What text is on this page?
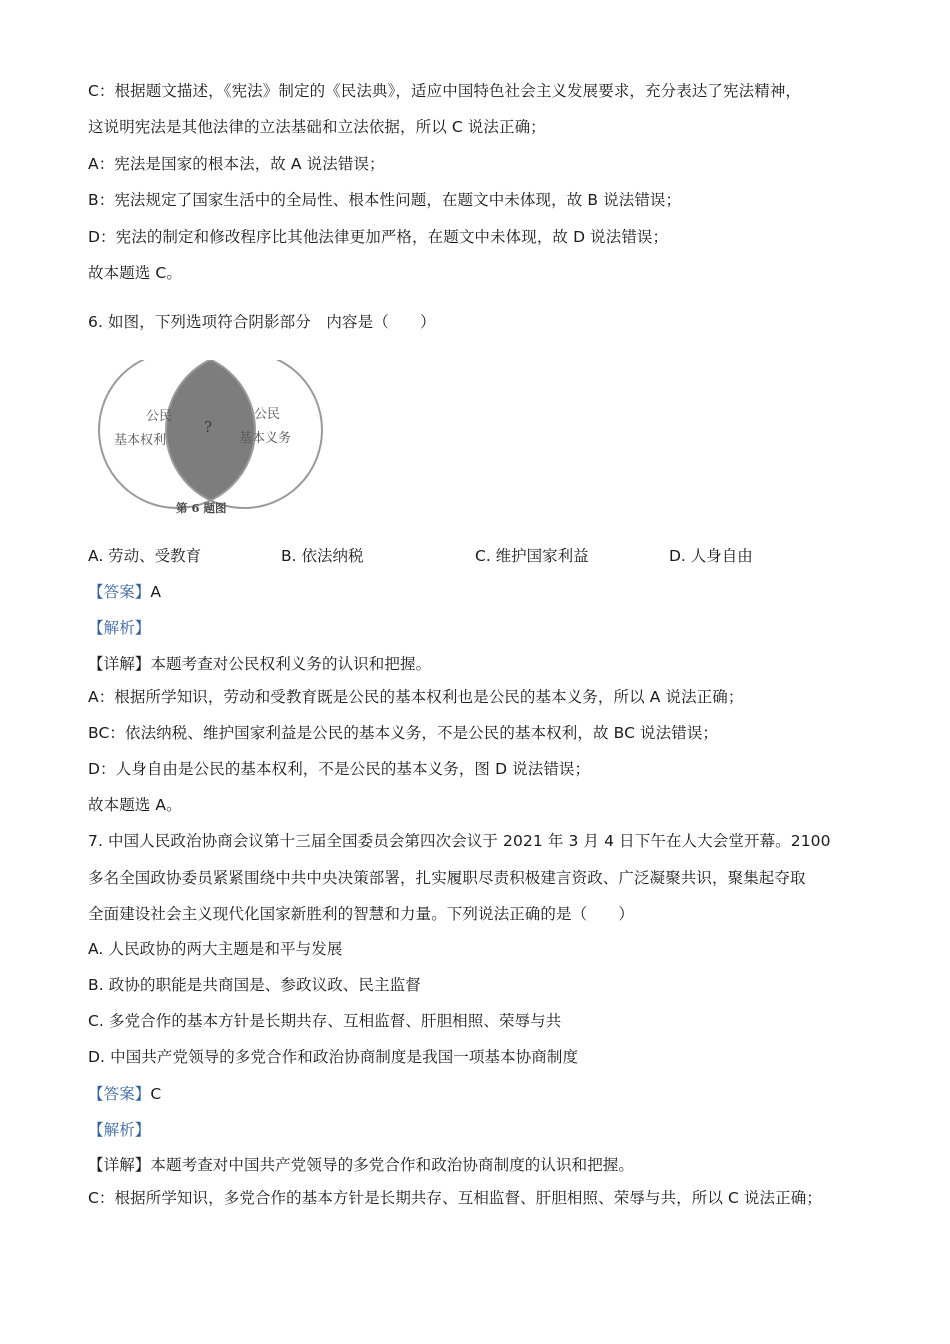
C：根据题文描述，《宪法》制定的《民法典》，适应中国特色社会主义发展要求，充分表达了宪法精神，
这说明宪法是其他法律的立法基础和立法依据，所以 C 说法正确；
A：宪法是国家的根本法，故 A 说法错误；
B：宪法规定了国家生活中的全局性、根本性问题，在题文中未体现，故 B 说法错误；
D：宪法的制定和修改程序比其他法律更加严格，在题文中未体现，故 D 说法错误；
故本题选 C。
6. 如图，下列选项符合阴影部分　内容是（　　）
公民
基本权利
公民
基本义务
?
第 6 题图
A. 劳动、受教育	B. 依法纳税	C. 维护国家利益	D. 人身自由
【答案】A
【解析】
【详解】本题考查对公民权利义务的认识和把握。
A：根据所学知识，劳动和受教育既是公民的基本权利也是公民的基本义务，所以 A 说法正确；
BC：依法纳税、维护国家利益是公民的基本义务，不是公民的基本权利，故 BC 说法错误；
D：人身自由是公民的基本权利，不是公民的基本义务，图 D 说法错误；
故本题选 A。
7. 中国人民政治协商会议第十三届全国委员会第四次会议于 2021 年 3 月 4 日下午在人大会堂开幕。2100
多名全国政协委员紧紧围绕中共中央决策部署，扎实履职尽责积极建言资政、广泛凝聚共识，聚集起夺取
全面建设社会主义现代化国家新胜利的智慧和力量。下列说法正确的是（　　）
A. 人民政协的两大主题是和平与发展
B. 政协的职能是共商国是、参政议政、民主监督
C. 多党合作的基本方针是长期共存、互相监督、肝胆相照、荣辱与共
D. 中国共产党领导的多党合作和政治协商制度是我国一项基本协商制度
【答案】C
【解析】
【详解】本题考查对中国共产党领导的多党合作和政治协商制度的认识和把握。
C：根据所学知识，多党合作的基本方针是长期共存、互相监督、肝胆相照、荣辱与共，所以 C 说法正确；
